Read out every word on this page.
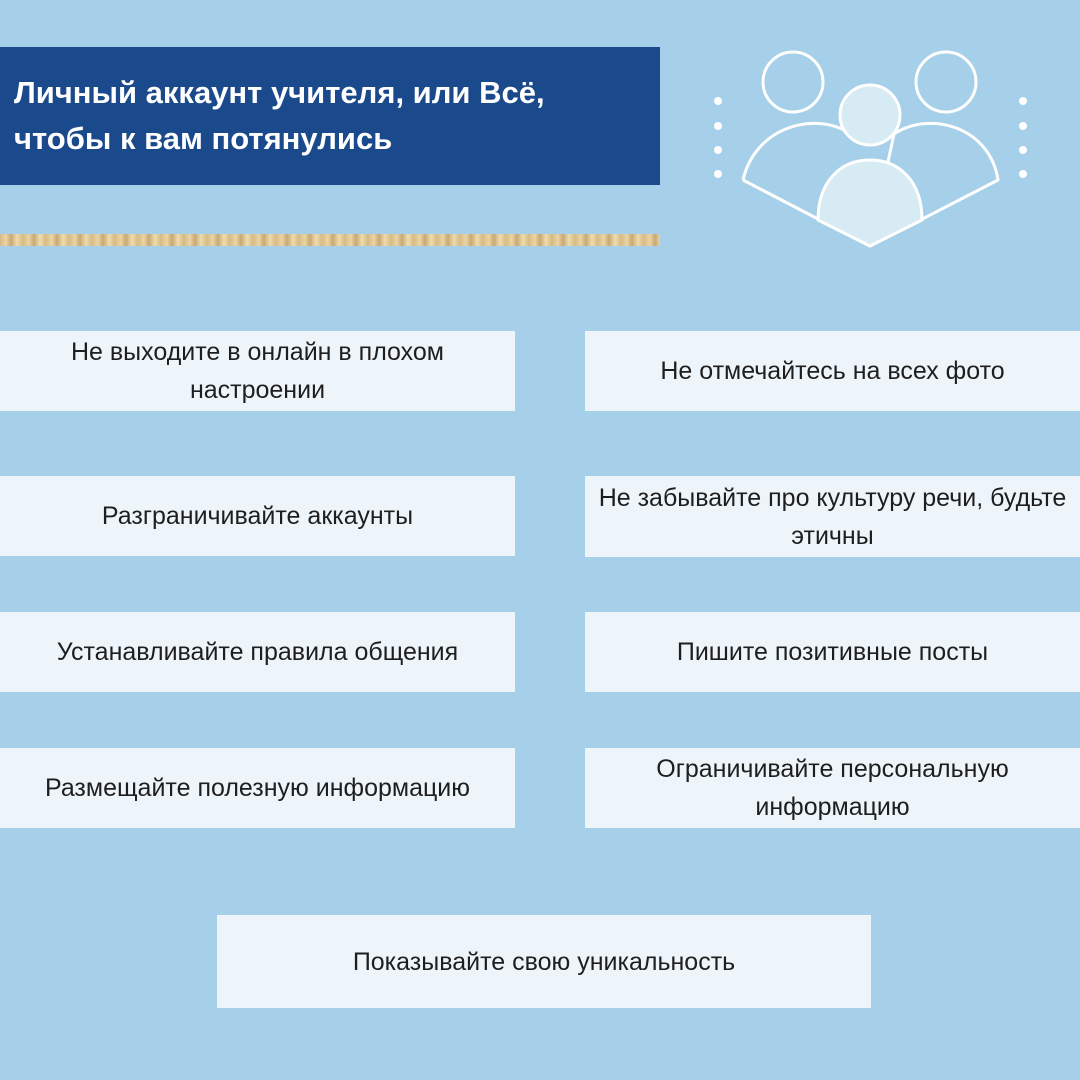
Личный аккаунт учителя, или Всё, чтобы к вам потянулись

Не выходите в онлайн в плохом настроении
Не отмечайтесь на всех фото
Разграничивайте аккаунты
Не забывайте про культуру речи, будьте этичны
Устанавливайте правила общения	Пишите позитивные посты
Размещайте полезную информацию
Ограничивайте персональную информацию
Показывайте свою уникальность
